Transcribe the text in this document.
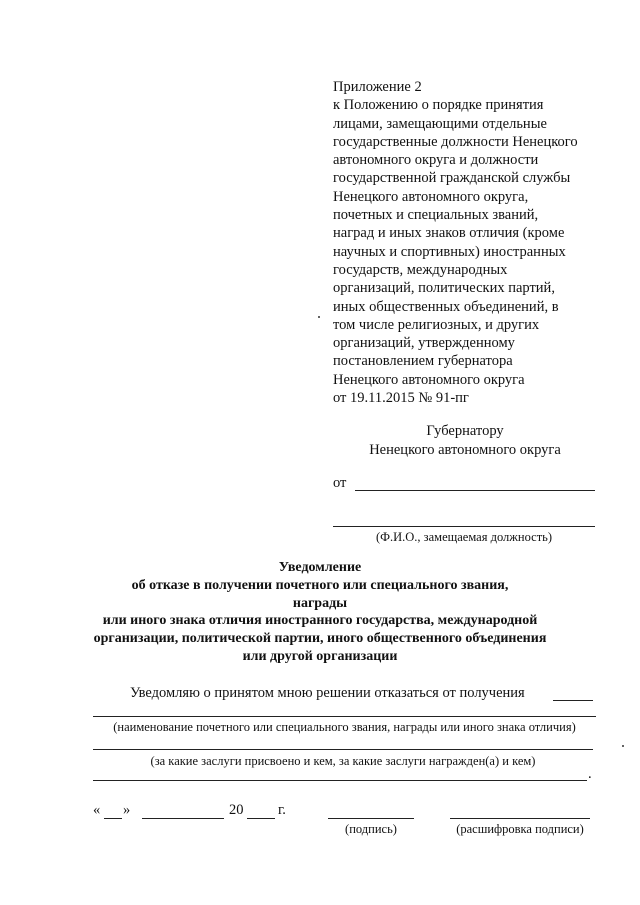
Приложение 2
к Положению о порядке принятия
лицами, замещающими отдельные
государственные должности Ненецкого
автономного округа и должности
государственной гражданской службы
Ненецкого автономного округа,
почетных и специальных званий,
наград и иных знаков отличия (кроме
научных и спортивных) иностранных
государств, международных
организаций, политических партий,
иных общественных объединений, в
том числе религиозных, и других
организаций, утвержденному
постановлением губернатора
Ненецкого автономного округа
от 19.11.2015 № 91-пг
Губернатору
Ненецкого автономного округа
от
(Ф.И.О., замещаемая должность)
Уведомление
об отказе в получении почетного или специального звания,
награды
или иного знака отличия иностранного государства, международной
организации, политической партии, иного общественного объединения
или другой организации
Уведомляю о принятом мною решении отказаться от получения
(наименование почетного или специального звания, награды или иного знака отличия)
(за какие заслуги присвоено и кем, за какие заслуги награжден(а) и кем)
.
« »	20 г.
(подпись)	(расшифровка подписи)
